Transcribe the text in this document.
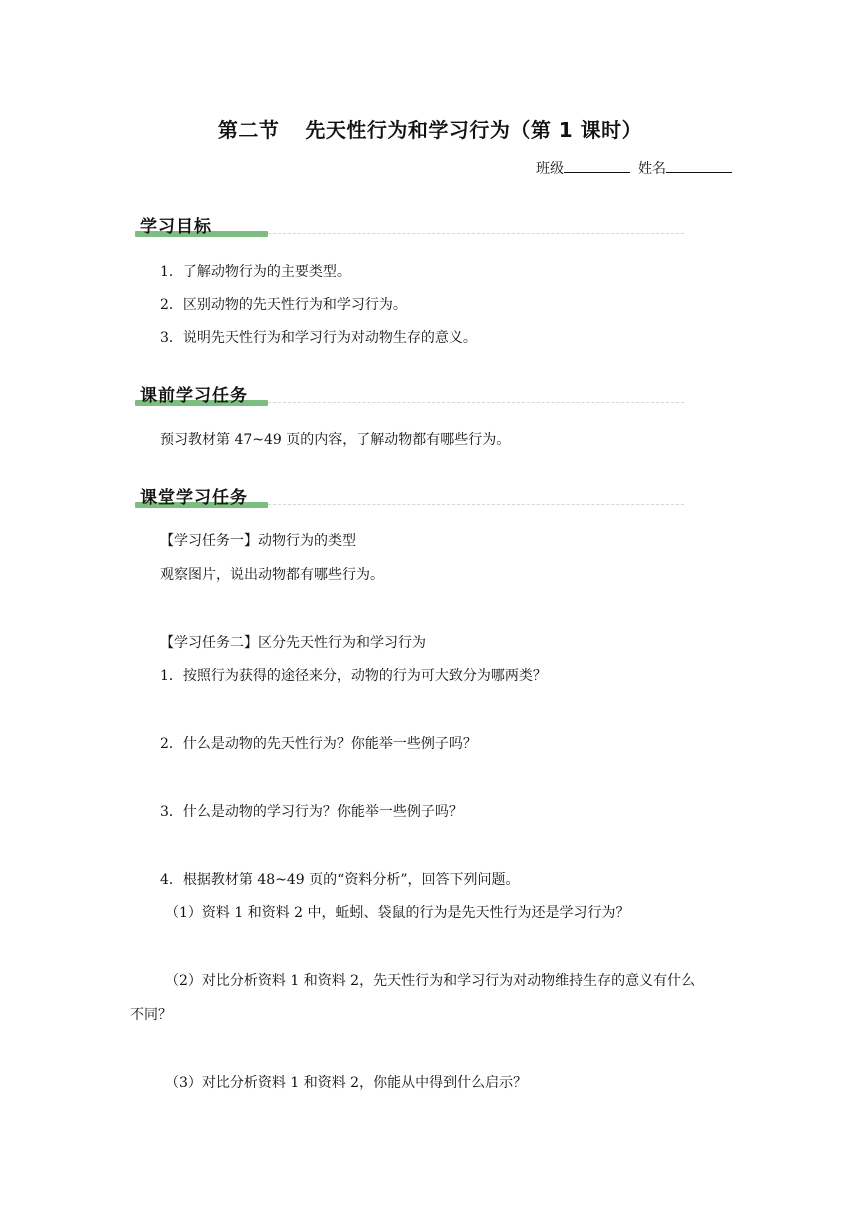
第二节 先天性行为和学习行为（第 1 课时）
班级	姓名
学习目标
1．了解动物行为的主要类型。
2．区别动物的先天性行为和学习行为。
3．说明先天性行为和学习行为对动物生存的意义。
课前学习任务
预习教材第 47~49 页的内容，了解动物都有哪些行为。
课堂学习任务
【学习任务一】动物行为的类型
观察图片，说出动物都有哪些行为。
【学习任务二】区分先天性行为和学习行为
1．按照行为获得的途径来分，动物的行为可大致分为哪两类？
2．什么是动物的先天性行为？你能举一些例子吗？
3．什么是动物的学习行为？你能举一些例子吗？
4．根据教材第 48~49 页的“资料分析”，回答下列问题。
（1）资料 1 和资料 2 中，蚯蚓、袋鼠的行为是先天性行为还是学习行为？
（2）对比分析资料 1 和资料 2，先天性行为和学习行为对动物维持生存的意义有什么
不同？
（3）对比分析资料 1 和资料 2，你能从中得到什么启示？
